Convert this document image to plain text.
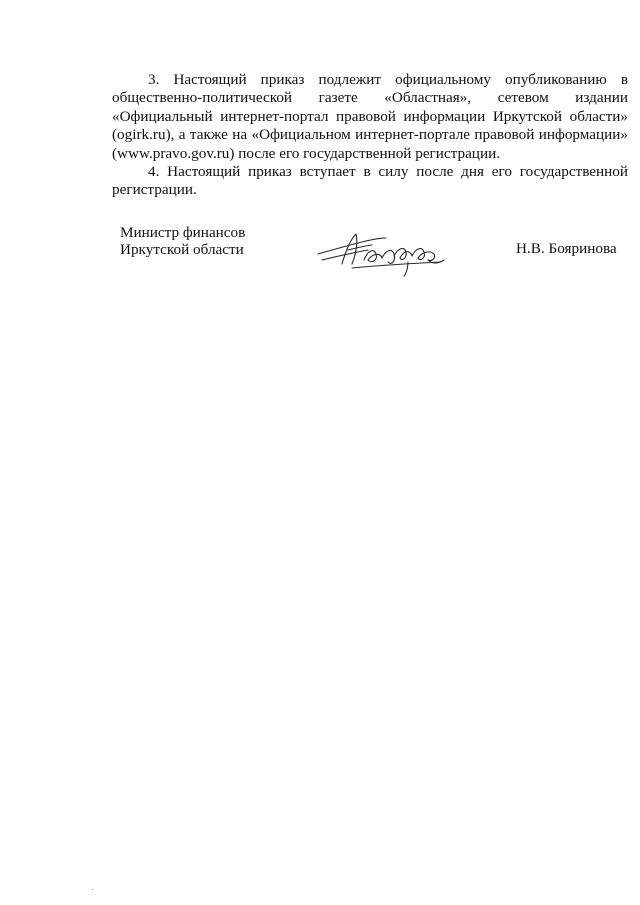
3. Настоящий приказ подлежит официальному опубликованию в общественно-политической газете «Областная», сетевом издании «Официальный интернет-портал правовой информации Иркутской области» (ogirk.ru), а также на «Официальном интернет-портале правовой информации» (www.pravo.gov.ru) после его государственной регистрации.

4. Настоящий приказ вступает в силу после дня его государственной регистрации.

Министр финансов
Иркутской области	Н.В. Бояринова
